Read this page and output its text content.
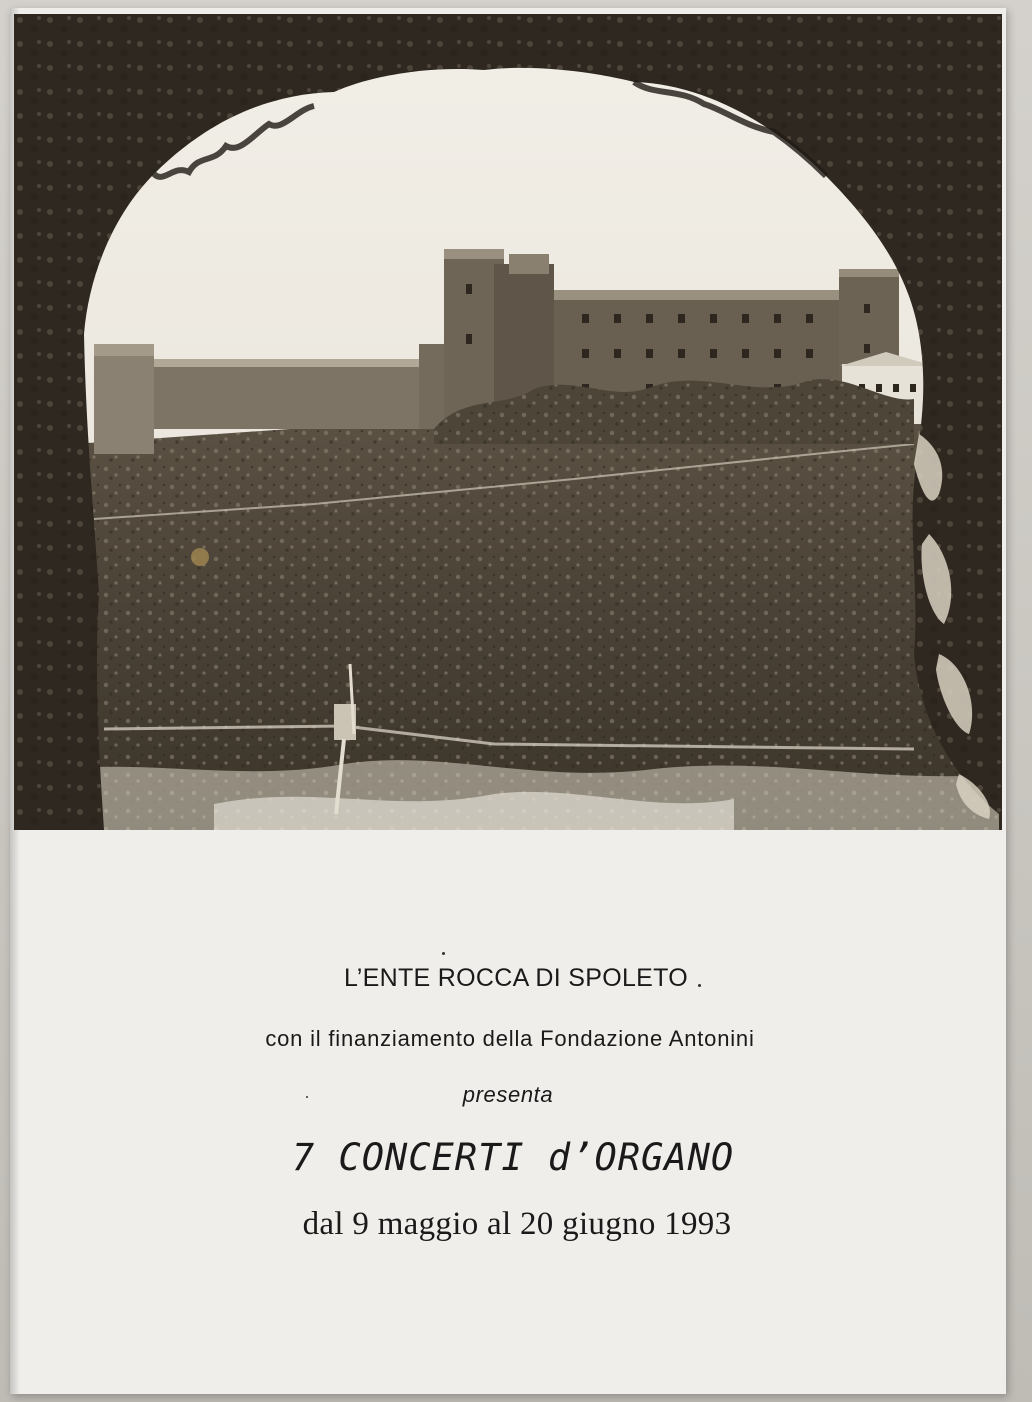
L’ENTE ROCCA DI SPOLETO
con il finanziamento della Fondazione Antonini
presenta
7 CONCERTI d’ORGANO
dal 9 maggio al 20 giugno 1993
